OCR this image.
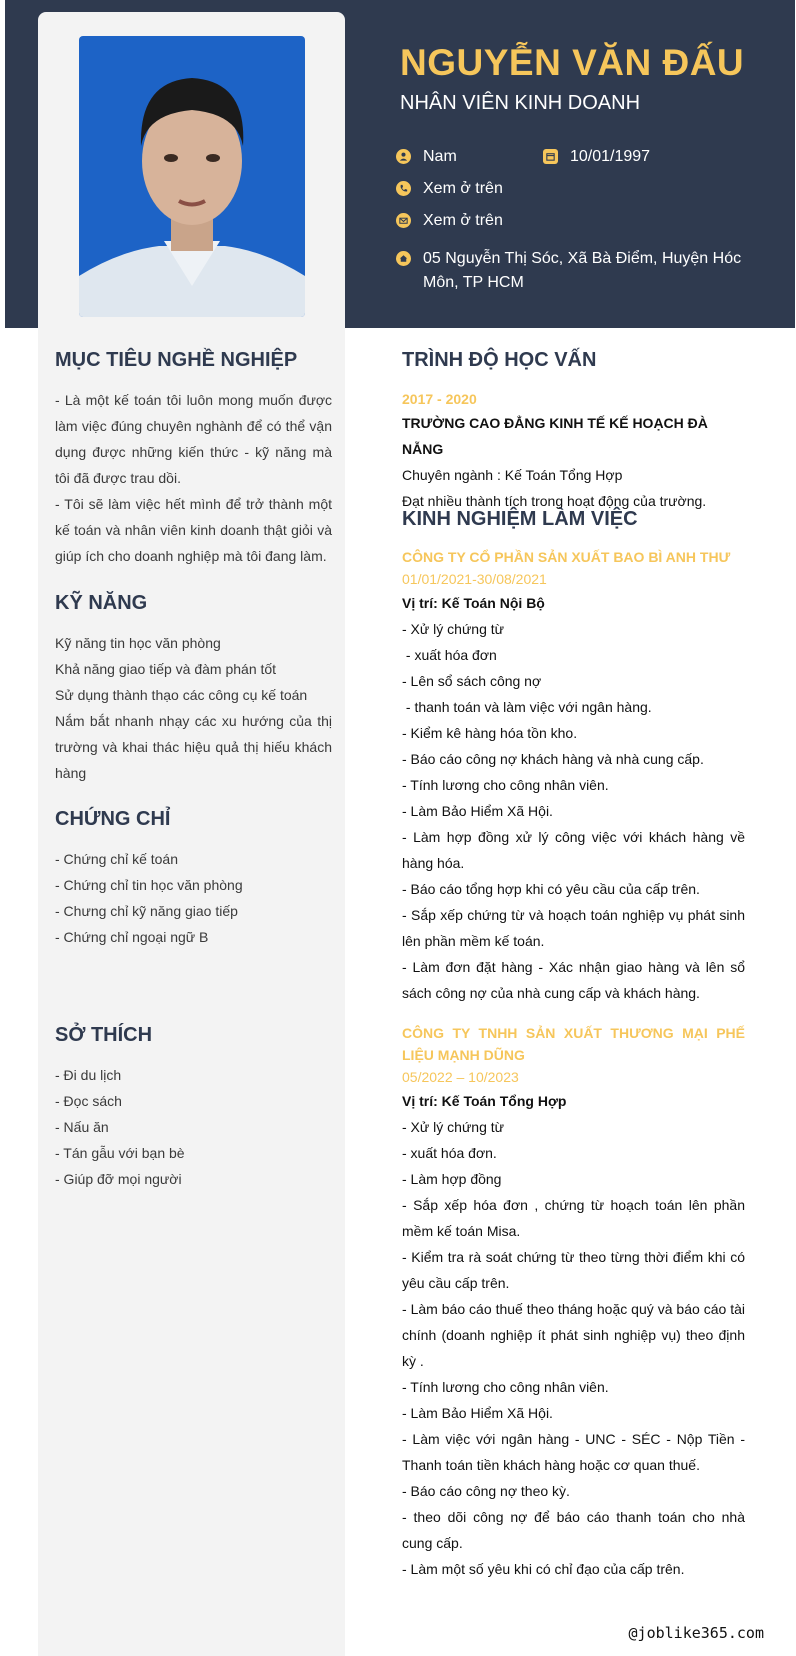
NGUYỄN VĂN ĐẤU
NHÂN VIÊN KINH DOANH
Nam	10/01/1997
Xem ở trên
Xem ở trên
05 Nguyễn Thị Sóc, Xã Bà Điểm, Huyện Hóc Môn, TP HCM
MỤC TIÊU NGHỀ NGHIỆP
- Là một kế toán tôi luôn mong muốn được làm việc đúng chuyên nghành để có thể vận dụng được những kiến thức - kỹ năng mà tôi đã được trau dồi.
- Tôi sẽ làm việc hết mình để trở thành một kế toán và nhân viên kinh doanh thật giỏi và giúp ích cho doanh nghiệp mà tôi đang làm.
KỸ NĂNG
Kỹ năng tin học văn phòng
Khả năng giao tiếp và đàm phán tốt
Sử dụng thành thạo các công cụ kế toán
Nắm bắt nhanh nhạy các xu hướng của thị trường và khai thác hiệu quả thị hiếu khách hàng
CHỨNG CHỈ
- Chứng chỉ kế toán
- Chứng chỉ tin học văn phòng
- Chưng chỉ kỹ năng giao tiếp
- Chứng chỉ ngoại ngữ B
SỞ THÍCH
- Đi du lịch
- Đọc sách
- Nấu ăn
- Tán gẫu với bạn bè
- Giúp đỡ mọi người
TRÌNH ĐỘ HỌC VẤN
2017 - 2020
TRƯỜNG CAO ĐẲNG KINH TẾ KẾ HOẠCH ĐÀ NẴNG
Chuyên ngành : Kế Toán Tổng Hợp
Đạt nhiều thành tích trong hoạt động của trường.
KINH NGHIỆM LÀM VIỆC
CÔNG TY CỔ PHẦN SẢN XUẤT BAO BÌ ANH THƯ
01/01/2021-30/08/2021
Vị trí: Kế Toán Nội Bộ
- Xử lý chứng từ
- xuất hóa đơn
- Lên sổ sách công nợ
- thanh toán và làm việc với ngân hàng.
- Kiểm kê hàng hóa tồn kho.
- Báo cáo công nợ khách hàng và nhà cung cấp.
- Tính lương cho công nhân viên.
- Làm Bảo Hiểm Xã Hội.
- Làm hợp đồng xử lý công việc với khách hàng về hàng hóa.
- Báo cáo tổng hợp khi có yêu cầu của cấp trên.
- Sắp xếp chứng từ và hoạch toán nghiệp vụ phát sinh lên phần mềm kế toán.
- Làm đơn đặt hàng - Xác nhận giao hàng và lên sổ sách công nợ của nhà cung cấp và khách hàng.
CÔNG TY TNHH SẢN XUẤT THƯƠNG MẠI PHẾ LIỆU MẠNH DŨNG
05/2022 – 10/2023
Vị trí: Kế Toán Tổng Hợp
- Xử lý chứng từ
- xuất hóa đơn.
- Làm hợp đồng
- Sắp xếp hóa đơn , chứng từ hoạch toán lên phần mềm kế toán Misa.
- Kiểm tra rà soát chứng từ theo từng thời điểm khi có yêu cầu cấp trên.
- Làm báo cáo thuế theo tháng hoặc quý và báo cáo tài chính (doanh nghiệp ít phát sinh nghiệp vụ) theo định kỳ .
- Tính lương cho công nhân viên.
- Làm Bảo Hiểm Xã Hội.
- Làm việc với ngân hàng - UNC - SÉC - Nộp Tiền - Thanh toán tiền khách hàng hoặc cơ quan thuế.
- Báo cáo công nợ theo kỳ.
- theo dõi công nợ để báo cáo thanh toán cho nhà cung cấp.
- Làm một số yêu khi có chỉ đạo của cấp trên.
@joblike365.com
